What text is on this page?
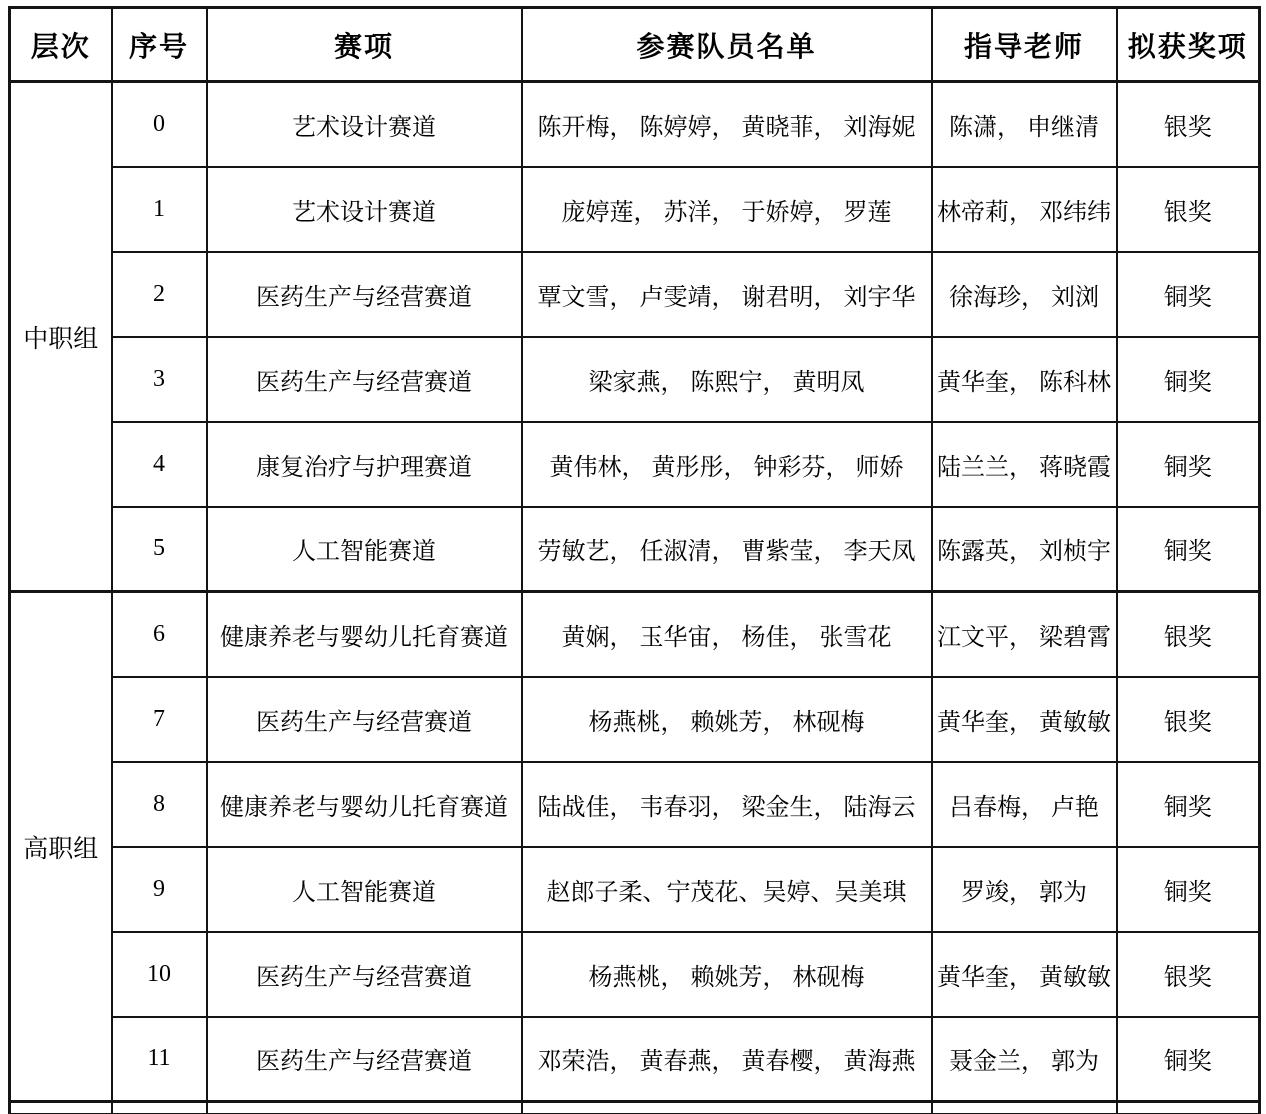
层次	序号	赛项	参赛队员名单	指导老师	拟获奖项
中职组	0	艺术设计赛道	陈开梅， 陈婷婷， 黄晓菲， 刘海妮	陈潇， 申继清	银奖
	1	艺术设计赛道	庞婷莲， 苏洋， 于娇婷， 罗莲	林帝莉， 邓纬纬	银奖
	2	医药生产与经营赛道	覃文雪， 卢雯靖， 谢君明， 刘宇华	徐海珍， 刘浏	铜奖
	3	医药生产与经营赛道	梁家燕， 陈熙宁， 黄明凤	黄华奎， 陈科林	铜奖
	4	康复治疗与护理赛道	黄伟林， 黄彤彤， 钟彩芬， 师娇	陆兰兰， 蒋晓霞	铜奖
	5	人工智能赛道	劳敏艺， 任淑清， 曹紫莹， 李天凤	陈露英， 刘桢宇	铜奖
高职组	6	健康养老与婴幼儿托育赛道	黄娴， 玉华宙， 杨佳， 张雪花	江文平， 梁碧霄	银奖
	7	医药生产与经营赛道	杨燕桃， 赖姚芳， 林砚梅	黄华奎， 黄敏敏	银奖
	8	健康养老与婴幼儿托育赛道	陆战佳， 韦春羽， 梁金生， 陆海云	吕春梅， 卢艳	铜奖
	9	人工智能赛道	赵郎子柔、宁茂花、吴婷、吴美琪	罗竣， 郭为	铜奖
	10	医药生产与经营赛道	杨燕桃， 赖姚芳， 林砚梅	黄华奎， 黄敏敏	银奖
	11	医药生产与经营赛道	邓荣浩， 黄春燕， 黄春樱， 黄海燕	聂金兰， 郭为	铜奖
